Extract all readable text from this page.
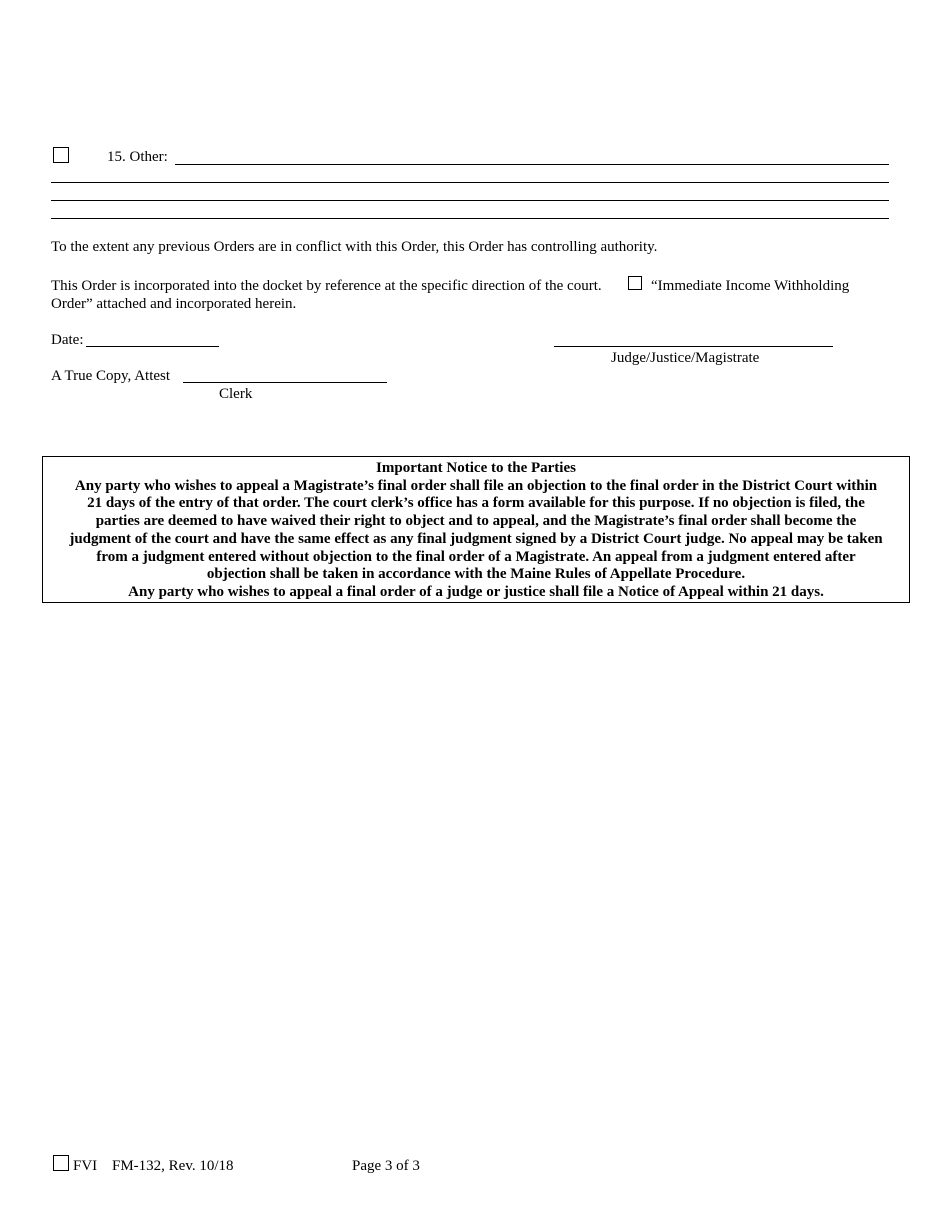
15. Other:
To the extent any previous Orders are in conflict with this Order, this Order has controlling authority.
This Order is incorporated into the docket by reference at the specific direction of the court.	“Immediate Income Withholding
Order” attached and incorporated herein.
Date:
Judge/Justice/Magistrate
A True Copy, Attest
Clerk
Important Notice to the Parties
Any party who wishes to appeal a Magistrate’s final order shall file an objection to the final order in the District Court within
21 days of the entry of that order. The court clerk’s office has a form available for this purpose. If no objection is filed, the
parties are deemed to have waived their right to object and to appeal, and the Magistrate’s final order shall become the
judgment of the court and have the same effect as any final judgment signed by a District Court judge. No appeal may be taken
from a judgment entered without objection to the final order of a Magistrate. An appeal from a judgment entered after
objection shall be taken in accordance with the Maine Rules of Appellate Procedure.
Any party who wishes to appeal a final order of a judge or justice shall file a Notice of Appeal within 21 days.
FVI FM-132, Rev. 10/18	Page 3 of 3
